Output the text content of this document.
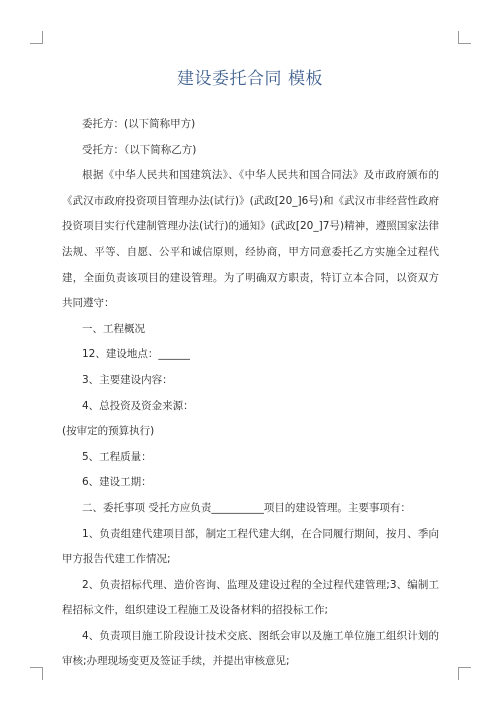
建设委托合同 模板

委托方：(以下简称甲方)

受托方：（以下简称乙方)

根据《中华人民共和国建筑法》、《中华人民共和国合同法》及市政府颁布的《武汉市政府投资项目管理办法(试行)》(武政[20_]6号)和《武汉市非经营性政府投资项目实行代建制管理办法(试行)的通知》(武政[20_]7号)精神，遵照国家法律法规、平等、自愿、公平和诚信原则，经协商，甲方同意委托乙方实施全过程代建，全面负责该项目的建设管理。为了明确双方职责，特订立本合同，以资双方共同遵守：

一、工程概况

12、建设地点：______

3、主要建设内容：

4、总投资及资金来源：

(按审定的预算执行)

5、工程质量：

6、建设工期：

二、委托事项 受托方应负责__________项目的建设管理。主要事项有：

1、负责组建代建项目部，制定工程代建大纲，在合同履行期间，按月、季向甲方报告代建工作情况;

2、负责招标代理、造价咨询、监理及建设过程的全过程代建管理;3、编制工程招标文件，组织建设工程施工及设备材料的招投标工作;

4、负责项目施工阶段设计技术交底、图纸会审以及施工单位施工组织计划的审核;办理现场变更及签证手续，并提出审核意见;
